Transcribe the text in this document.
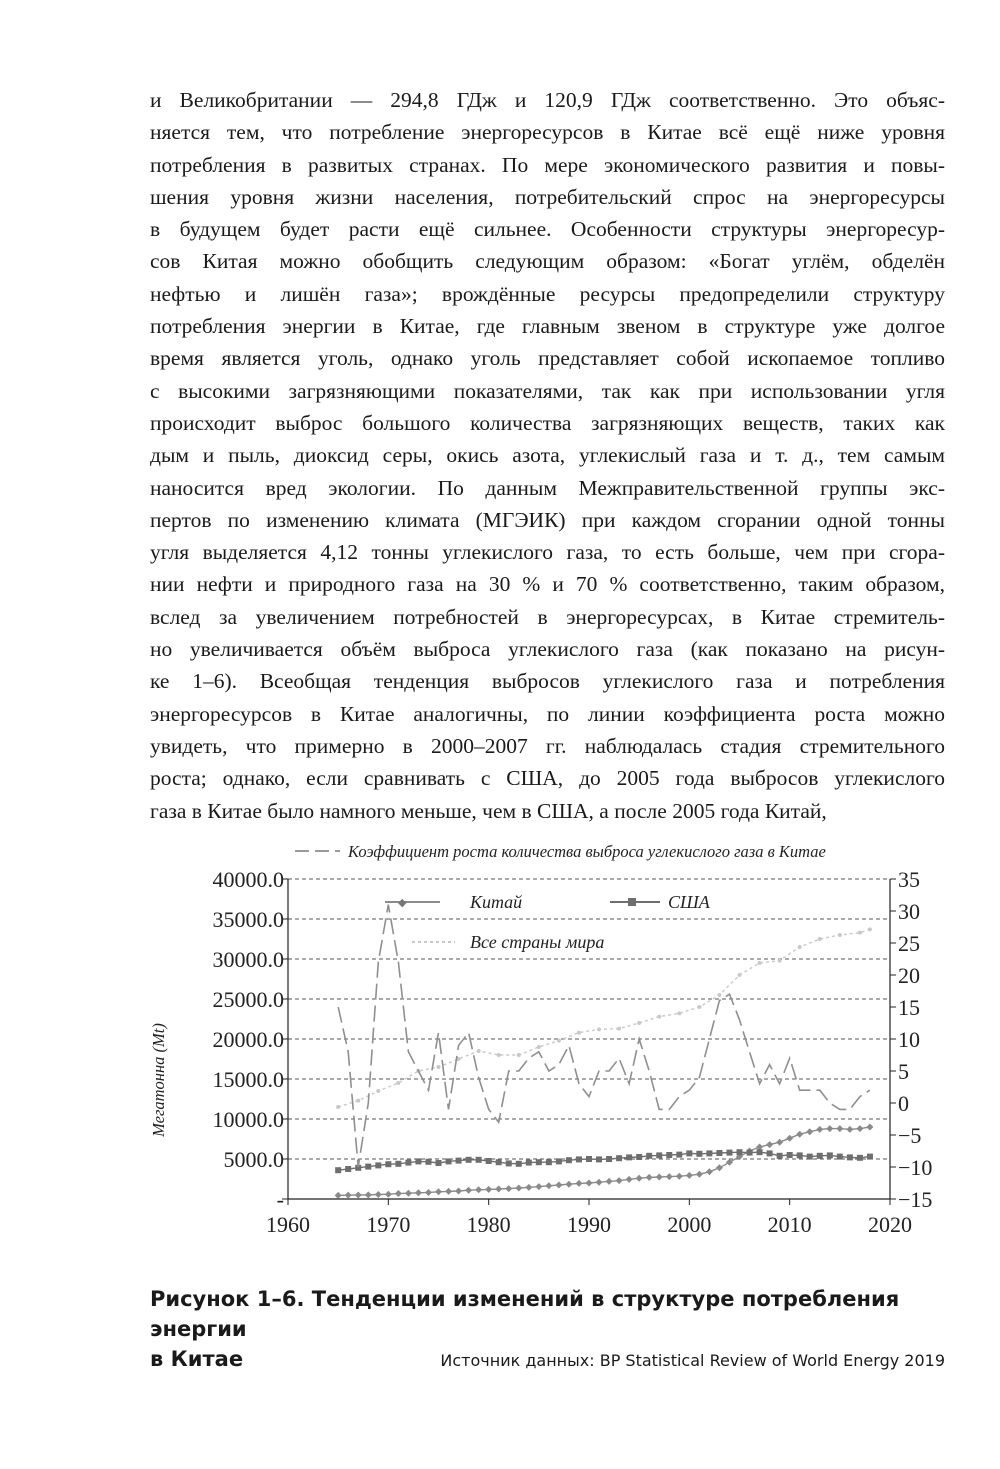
и Великобритании — 294,8 ГДж и 120,9 ГДж соответственно. Это объяс-
няется тем, что потребление энергоресурсов в Китае всё ещё ниже уровня
потребления в развитых странах. По мере экономического развития и повы-
шения уровня жизни населения, потребительский спрос на энергоресурсы
в будущем будет расти ещё сильнее. Особенности структуры энергоресур-
сов Китая можно обобщить следующим образом: «Богат углём, обделён
нефтью и лишён газа»; врождённые ресурсы предопределили структуру
потребления энергии в Китае, где главным звеном в структуре уже долгое
время является уголь, однако уголь представляет собой ископаемое топливо
с высокими загрязняющими показателями, так как при использовании угля
происходит выброс большого количества загрязняющих веществ, таких как
дым и пыль, диоксид серы, окись азота, углекислый газа и т. д., тем самым
наносится вред экологии. По данным Межправительственной группы экс-
пертов по изменению климата (МГЭИК) при каждом сгорании одной тонны
угля выделяется 4,12 тонны углекислого газа, то есть больше, чем при сгора-
нии нефти и природного газа на 30 % и 70 % соответственно, таким образом,
вслед за увеличением потребностей в энергоресурсах, в Китае стремитель-
но увеличивается объём выброса углекислого газа (как показано на рисун-
ке 1–6). Всеобщая тенденция выбросов углекислого газа и потребления
энергоресурсов в Китае аналогичны, по линии коэффициента роста можно
увидеть, что примерно в 2000–2007 гг. наблюдалась стадия стремительного
роста; однако, если сравнивать с США, до 2005 года выбросов углекислого
газа в Китае было намного меньше, чем в США, а после 2005 года Китай,
Коэффициент роста количества выброса углекислого газа в Китае
40000.0
35000.0
30000.0
25000.0
20000.0
15000.0
10000.0
5000.0
-
35
30
25
20
15
10
5
0
−5
−10
−15
1960	1970	1980	1990	2000	2010	2020
◆	Китай	США
Все страны мира
Мегатонна (Mt)

Рисунок 1–6. Тенденции изменений в структуре потребления энергии

в Китае	Источник данных: BP Statistical Review of World Energy 2019
